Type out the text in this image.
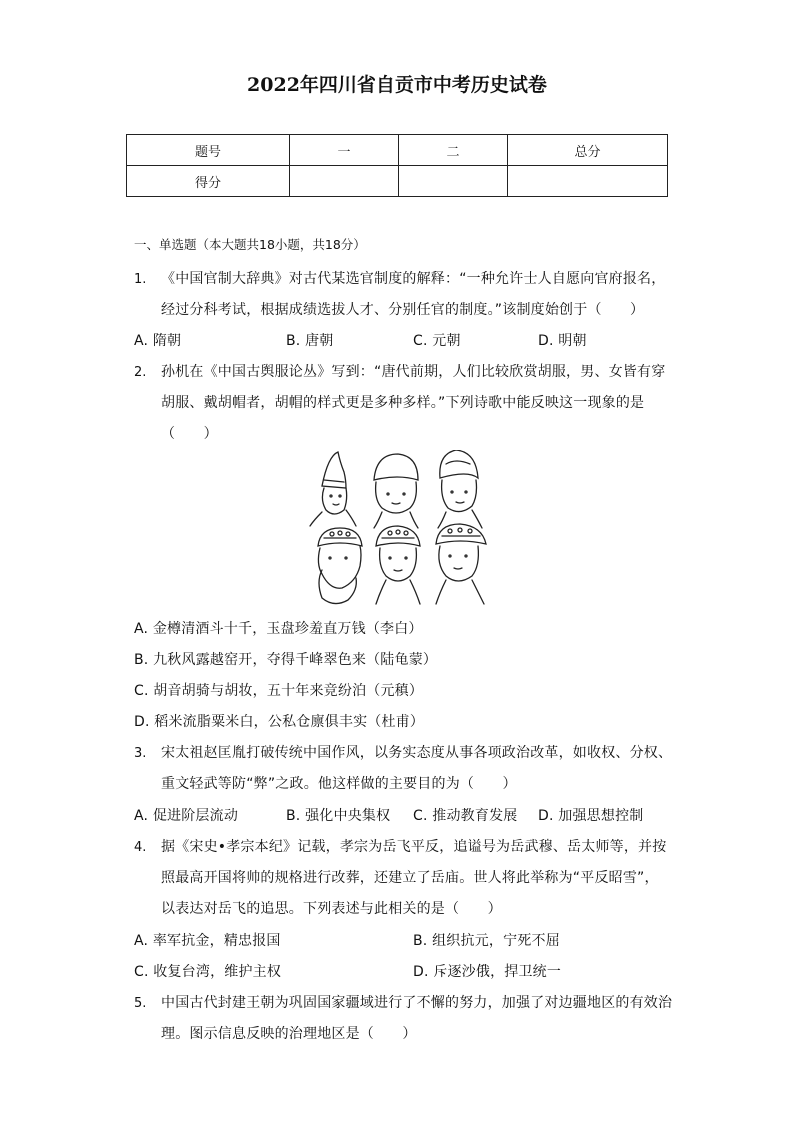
2022年四川省自贡市中考历史试卷
题号	一	二	总分
得分			
一、单选题（本大题共18小题，共18分）
1. 《中国官制大辞典》对古代某选官制度的解释：“一种允许士人自愿向官府报名，
经过分科考试，根据成绩选拔人才、分别任官的制度。”该制度始创于（　　）
A. 隋朝	B. 唐朝	C. 元朝	D. 明朝
2. 孙机在《中国古舆服论丛》写到：“唐代前期，人们比较欣赏胡服，男、女皆有穿
胡服、戴胡帽者，胡帽的样式更是多种多样。”下列诗歌中能反映这一现象的是
（　　）
A. 金樽清酒斗十千，玉盘珍羞直万钱（李白）
B. 九秋风露越窑开，夺得千峰翠色来（陆龟蒙）
C. 胡音胡骑与胡妆，五十年来竞纷泊（元稹）
D. 稻米流脂粟米白，公私仓廪俱丰实（杜甫）
3. 宋太祖赵匡胤打破传统中国作风，以务实态度从事各项政治改革，如收权、分权、
重文轻武等防“弊”之政。他这样做的主要目的为（　　）
A. 促进阶层流动	B. 强化中央集权 C. 推动教育发展 D. 加强思想控制
4. 据《宋史•孝宗本纪》记载，孝宗为岳飞平反，追谥号为岳武穆、岳太师等，并按
照最高开国将帅的规格进行改葬，还建立了岳庙。世人将此举称为“平反昭雪”，
以表达对岳飞的追思。下列表述与此相关的是（　　）
A. 率军抗金，精忠报国	B. 组织抗元，宁死不屈
C. 收复台湾，维护主权	D. 斥逐沙俄，捍卫统一
5. 中国古代封建王朝为巩固国家疆域进行了不懈的努力，加强了对边疆地区的有效治
理。图示信息反映的治理地区是（　　）
